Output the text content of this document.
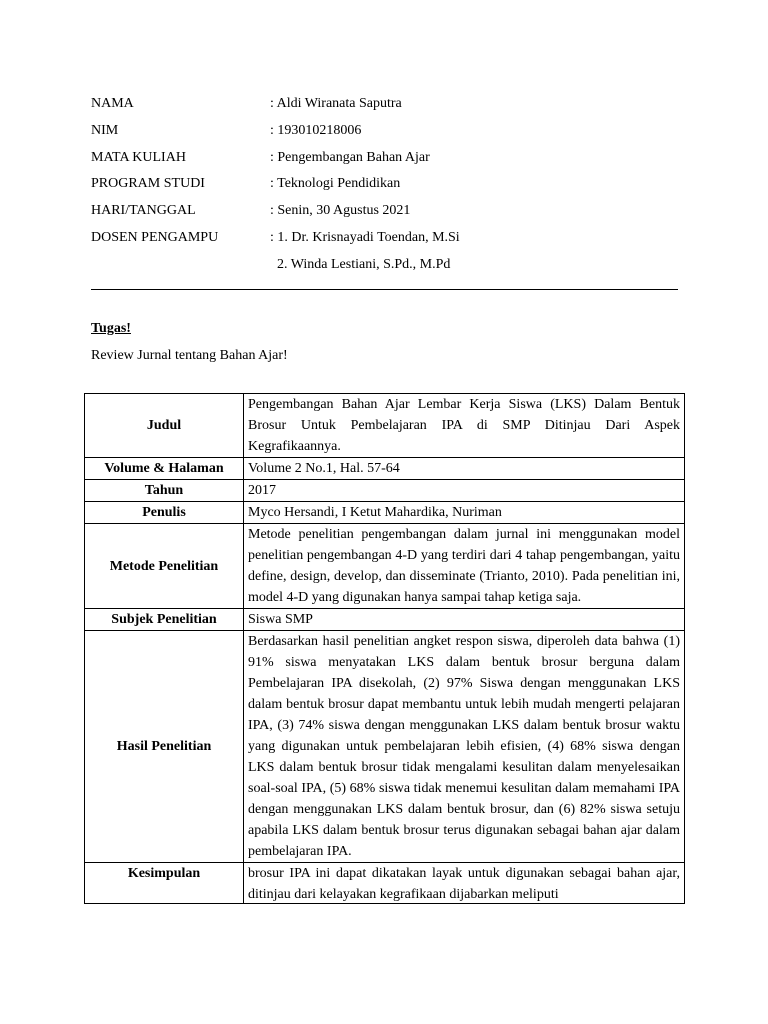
NAMA	: Aldi Wiranata Saputra
NIM	: 193010218006
MATA KULIAH	: Pengembangan Bahan Ajar
PROGRAM STUDI	: Teknologi Pendidikan
HARI/TANGGAL	: Senin, 30 Agustus 2021
DOSEN PENGAMPU	: 1. Dr. Krisnayadi Toendan, M.Si
2. Winda Lestiani, S.Pd., M.Pd
Tugas!
Review Jurnal tentang Bahan Ajar!
Judul	Pengembangan Bahan Ajar Lembar Kerja Siswa (LKS) Dalam Bentuk Brosur Untuk Pembelajaran IPA di SMP Ditinjau Dari Aspek Kegrafikaannya.
Volume & Halaman	Volume 2 No.1, Hal. 57-64
Tahun	2017
Penulis	Myco Hersandi, I Ketut Mahardika, Nuriman
Metode Penelitian	Metode penelitian pengembangan dalam jurnal ini menggunakan model penelitian pengembangan 4-D yang terdiri dari 4 tahap pengembangan, yaitu define, design, develop, dan disseminate (Trianto, 2010). Pada penelitian ini, model 4-D yang digunakan hanya sampai tahap ketiga saja.
Subjek Penelitian	Siswa SMP
Hasil Penelitian	Berdasarkan hasil penelitian angket respon siswa, diperoleh data bahwa (1) 91% siswa menyatakan LKS dalam bentuk brosur berguna dalam Pembelajaran IPA disekolah, (2) 97% Siswa dengan menggunakan LKS dalam bentuk brosur dapat membantu untuk lebih mudah mengerti pelajaran IPA, (3) 74% siswa dengan menggunakan LKS dalam bentuk brosur waktu yang digunakan untuk pembelajaran lebih efisien, (4) 68% siswa dengan LKS dalam bentuk brosur tidak mengalami kesulitan dalam menyelesaikan soal-soal IPA, (5) 68% siswa tidak menemui kesulitan dalam memahami IPA dengan menggunakan LKS dalam bentuk brosur, dan (6) 82% siswa setuju apabila LKS dalam bentuk brosur terus digunakan sebagai bahan ajar dalam pembelajaran IPA.
Kesimpulan	brosur IPA ini dapat dikatakan layak untuk digunakan sebagai bahan ajar, ditinjau dari kelayakan kegrafikaan dijabarkan meliputi
